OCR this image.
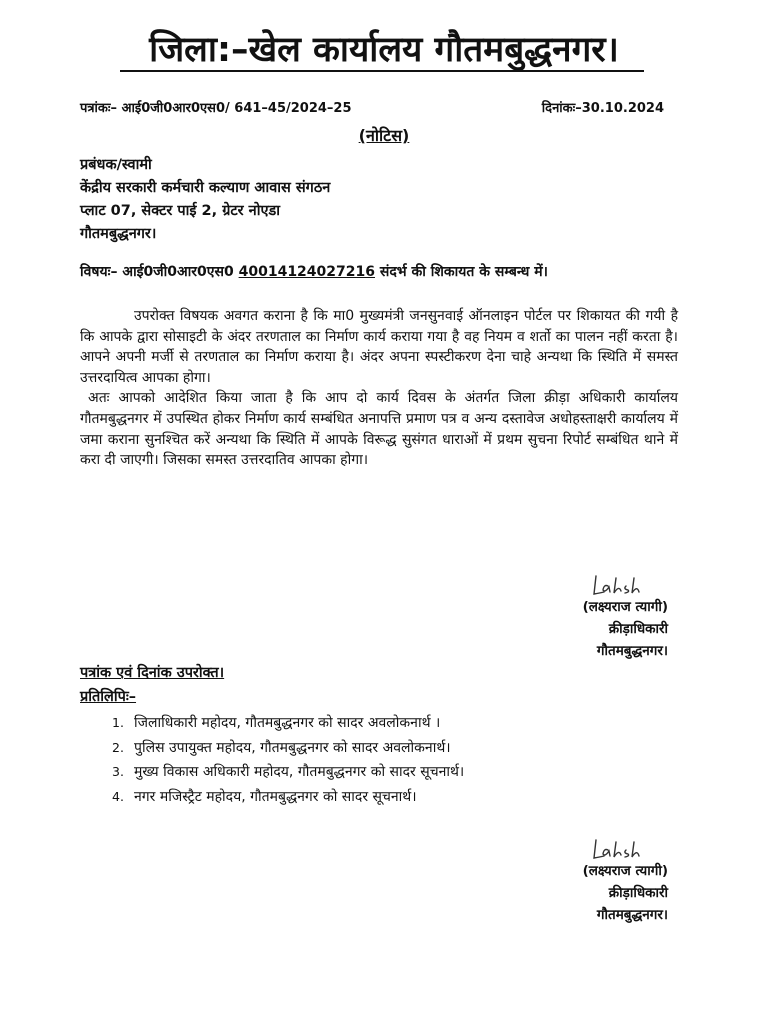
जिला:–खेल कार्यालय गौतमबुद्धनगर।
पत्रांकः– आई0जी0आर0एस0/ 641–45/2024–25	दिनांकः–30.10.2024
(नोटिस)
प्रबंधक/स्वामी
केंद्रीय सरकारी कर्मचारी कल्याण आवास संगठन
प्लाट 07, सेक्टर पाई 2, ग्रेटर नोएडा
गौतमबुद्धनगर।
विषयः– आई0जी0आर0एस0 40014124027216 संदर्भ की शिकायत के सम्बन्ध में।

उपरोक्त विषयक अवगत कराना है कि मा0 मुख्यमंत्री जनसुनवाई ऑनलाइन पोर्टल पर शिकायत की गयी है कि आपके द्वारा सोसाइटी के अंदर तरणताल का निर्माण कार्य कराया गया है वह नियम व शर्तो का पालन नहीं करता है। आपने अपनी मर्जी से तरणताल का निर्माण कराया है। अंदर अपना स्पस्टीकरण देना चाहे अन्यथा कि स्थिति में समस्त उत्तरदायित्व आपका होगा।

अतः आपको आदेशित किया जाता है कि आप दो कार्य दिवस के अंतर्गत जिला क्रीड़ा अधिकारी कार्यालय गौतमबुद्धनगर में उपस्थित होकर निर्माण कार्य सम्बंधित अनापत्ति प्रमाण पत्र व अन्य दस्तावेज अधोहस्ताक्षरी कार्यालय में जमा कराना सुनश्चित करें अन्यथा कि स्थिति में आपके विरूद्ध सुसंगत धाराओं में प्रथम सुचना रिपोर्ट सम्बंधित थाने में करा दी जाएगी। जिसका समस्त उत्तरदातिव आपका होगा।

(लक्ष्यराज त्यागी)
क्रीड़ाधिकारी
गौतमबुद्धनगर।
पत्रांक एवं दिनांक उपरोक्त।
प्रतिलिपिः–
1. जिलाधिकारी महोदय, गौतमबुद्धनगर को सादर अवलोकनार्थ ।
2. पुलिस उपायुक्त महोदय, गौतमबुद्धनगर को सादर अवलोकनार्थ।
3. मुख्य विकास अधिकारी महोदय, गौतमबुद्धनगर को सादर सूचनार्थ।
4. नगर मजिस्ट्रैट महोदय, गौतमबुद्धनगर को सादर सूचनार्थ।
(लक्ष्यराज त्यागी)
क्रीड़ाधिकारी
गौतमबुद्धनगर।
